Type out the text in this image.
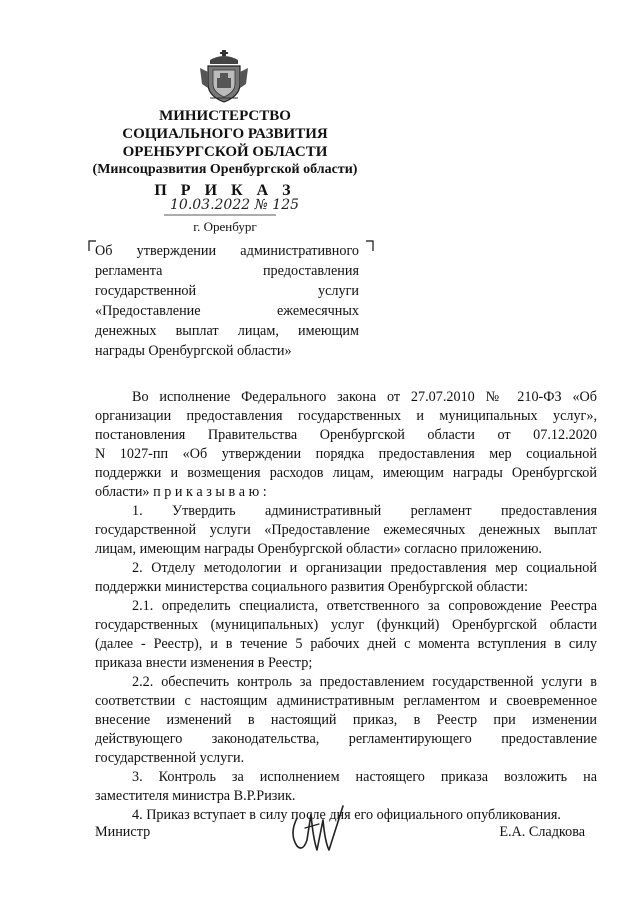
МИНИСТЕРСТВО
СОЦИАЛЬНОГО РАЗВИТИЯ
ОРЕНБУРГСКОЙ ОБЛАСТИ
(Минсоцразвития Оренбургской области)
П Р И К А З
10.03.2022 № 125
г. Оренбург
Об утверждении административного
регламента предоставления
государственной услуги
«Предоставление ежемесячных
денежных выплат лицам, имеющим
награды Оренбургской области»
Во исполнение Федерального закона от 27.07.2010 № 210-ФЗ «Об
организации предоставления государственных и муниципальных услуг»,
постановления Правительства Оренбургской области от 07.12.2020
N 1027-пп «Об утверждении порядка предоставления мер социальной
поддержки и возмещения расходов лицам, имеющим награды Оренбургской
области» п р и к а з ы в а ю :
1. Утвердить административный регламент предоставления
государственной услуги «Предоставление ежемесячных денежных выплат
лицам, имеющим награды Оренбургской области» согласно приложению.
2. Отделу методологии и организации предоставления мер социальной
поддержки министерства социального развития Оренбургской области:
2.1. определить специалиста, ответственного за сопровождение Реестра
государственных (муниципальных) услуг (функций) Оренбургской области
(далее - Реестр), и в течение 5 рабочих дней с момента вступления в силу
приказа внести изменения в Реестр;
2.2. обеспечить контроль за предоставлением государственной услуги в
соответствии с настоящим административным регламентом и своевременное
внесение изменений в настоящий приказ, в Реестр при изменении
действующего законодательства, регламентирующего предоставление
государственной услуги.
3. Контроль за исполнением настоящего приказа возложить на
заместителя министра В.Р.Ризик.
4. Приказ вступает в силу после дня его официального опубликования.
Министр	Е.А. Сладкова
